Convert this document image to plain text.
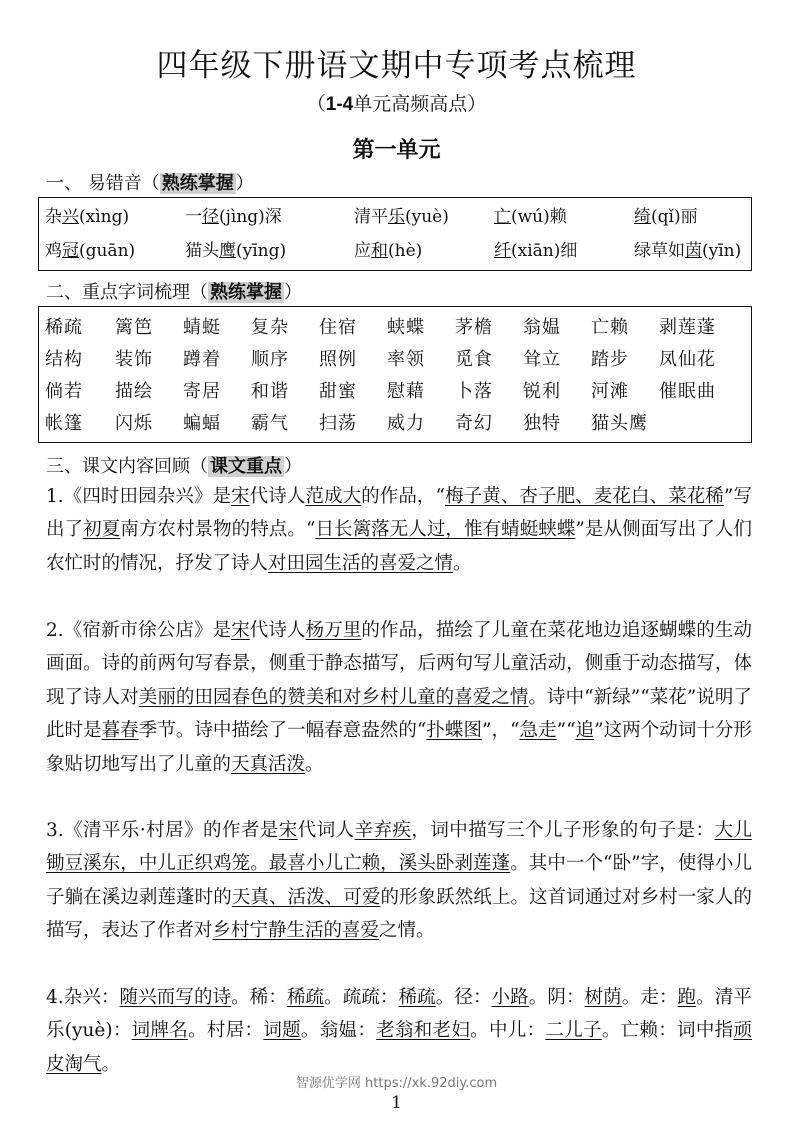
四年级下册语文期中专项考点梳理
（1-4单元高频高点）
第一单元
一、 易错音（ 熟练掌握 ）
杂兴(xìng)	一径(jìng)深	清平乐(yuè)	亡(wú)赖	绮(qǐ)丽
鸡冠(guān)	猫头鹰(yīng)	应和(hè)	纤(xiān)细	绿草如茵(yīn)
二、重点字词梳理（ 熟练掌握 ）
稀疏 篱笆 蜻蜓 复杂 住宿 蛱蝶 茅檐 翁媪 亡赖 剥莲蓬
结构 装饰 蹲着 顺序 照例 率领 觅食 耸立 踏步 凤仙花
倘若 描绘 寄居 和谐 甜蜜 慰藉 卜落 锐利 河滩 催眠曲
帐篷 闪烁 蝙蝠 霸气 扫荡 威力 奇幻 独特 猫头鹰
三、课文内容回顾（ 课文重点 ）
1.《四时田园杂兴》是宋代诗人范成大的作品，“梅子黄、杏子肥、麦花白、菜花稀”写出了初夏南方农村景物的特点。“日长篱落无人过，惟有蜻蜓蛱蝶”是从侧面写出了人们农忙时的情况，抒发了诗人对田园生活的喜爱之情。
2.《宿新市徐公店》是宋代诗人杨万里的作品，描绘了儿童在菜花地边追逐蝴蝶的生动画面。诗的前两句写春景，侧重于静态描写，后两句写儿童活动，侧重于动态描写，体现了诗人对美丽的田园春色的赞美和对乡村儿童的喜爱之情。诗中“新绿”“菜花”说明了此时是暮春季节。诗中描绘了一幅春意盎然的“扑蝶图”，“急走”“追”这两个动词十分形象贴切地写出了儿童的天真活泼。
3.《清平乐·村居》的作者是宋代词人辛弃疾，词中描写三个儿子形象的句子是：大儿锄豆溪东，中儿正织鸡笼。最喜小儿亡赖，溪头卧剥莲蓬。其中一个“卧”字，使得小儿子躺在溪边剥莲蓬时的天真、活泼、可爱的形象跃然纸上。这首词通过对乡村一家人的描写，表达了作者对乡村宁静生活的喜爱之情。
4.杂兴：随兴而写的诗。稀：稀疏。疏疏：稀疏。径：小路。阴：树荫。走：跑。清平乐(yuè)：词牌名。村居：词题。翁媪：老翁和老妇。中儿：二儿子。亡赖：词中指顽皮淘气。
智源优学网 https://xk.92diy.com
1
